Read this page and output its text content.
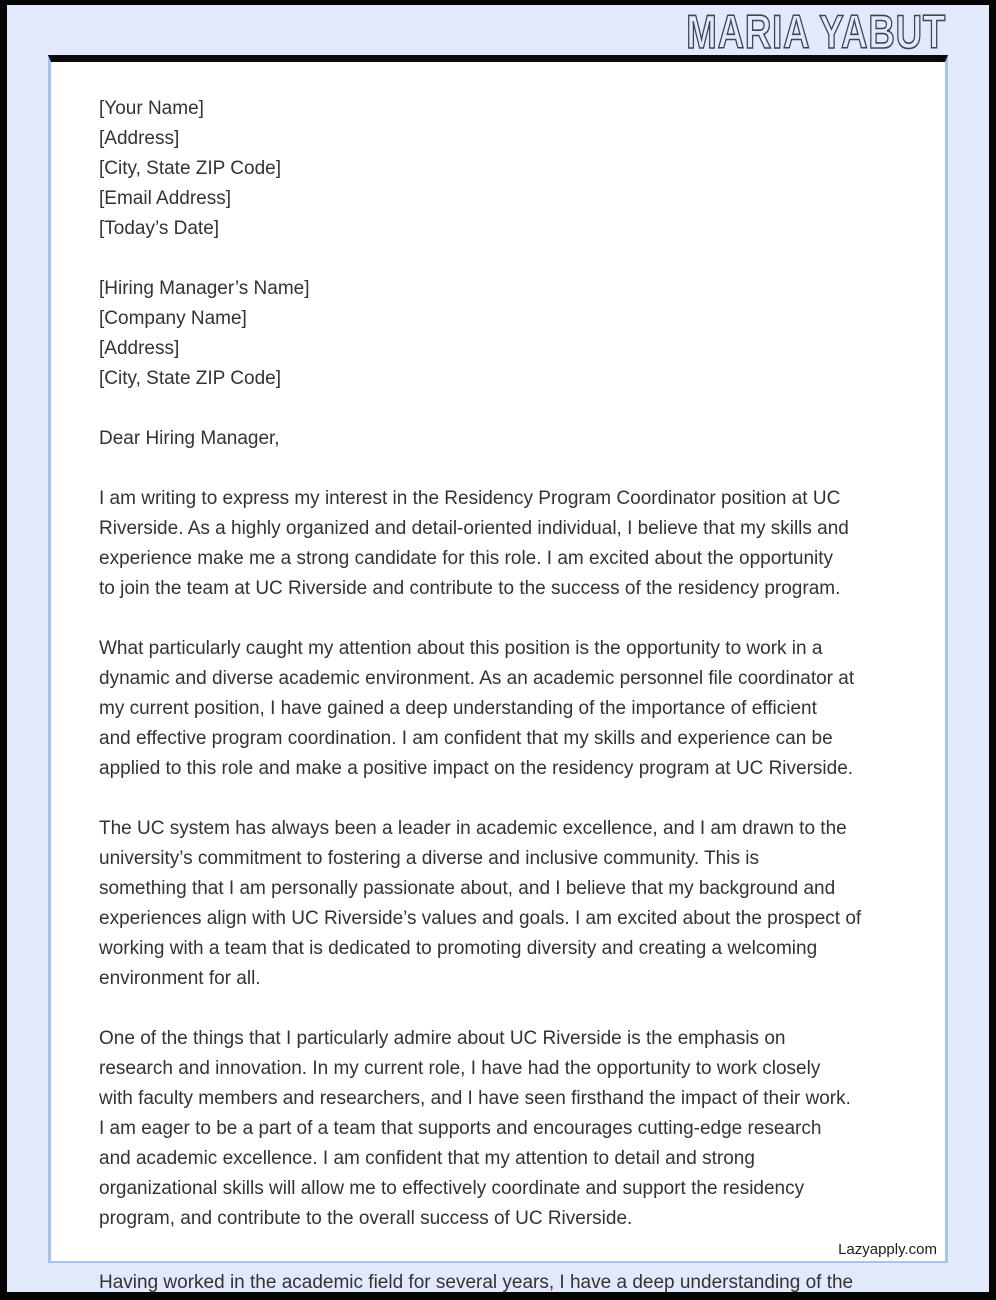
MARIA YABUT
[Your Name]
[Address]
[City, State ZIP Code]
[Email Address]
[Today’s Date]
[Hiring Manager’s Name]
[Company Name]
[Address]
[City, State ZIP Code]
Dear Hiring Manager,
I am writing to express my interest in the Residency Program Coordinator position at UC
Riverside. As a highly organized and detail-oriented individual, I believe that my skills and
experience make me a strong candidate for this role. I am excited about the opportunity
to join the team at UC Riverside and contribute to the success of the residency program.
What particularly caught my attention about this position is the opportunity to work in a
dynamic and diverse academic environment. As an academic personnel file coordinator at
my current position, I have gained a deep understanding of the importance of efficient
and effective program coordination. I am confident that my skills and experience can be
applied to this role and make a positive impact on the residency program at UC Riverside.
The UC system has always been a leader in academic excellence, and I am drawn to the
university’s commitment to fostering a diverse and inclusive community. This is
something that I am personally passionate about, and I believe that my background and
experiences align with UC Riverside’s values and goals. I am excited about the prospect of
working with a team that is dedicated to promoting diversity and creating a welcoming
environment for all.
One of the things that I particularly admire about UC Riverside is the emphasis on
research and innovation. In my current role, I have had the opportunity to work closely
with faculty members and researchers, and I have seen firsthand the impact of their work.
I am eager to be a part of a team that supports and encourages cutting-edge research
and academic excellence. I am confident that my attention to detail and strong
organizational skills will allow me to effectively coordinate and support the residency
program, and contribute to the overall success of UC Riverside.
Lazyapply.com
Having worked in the academic field for several years, I have a deep understanding of the
